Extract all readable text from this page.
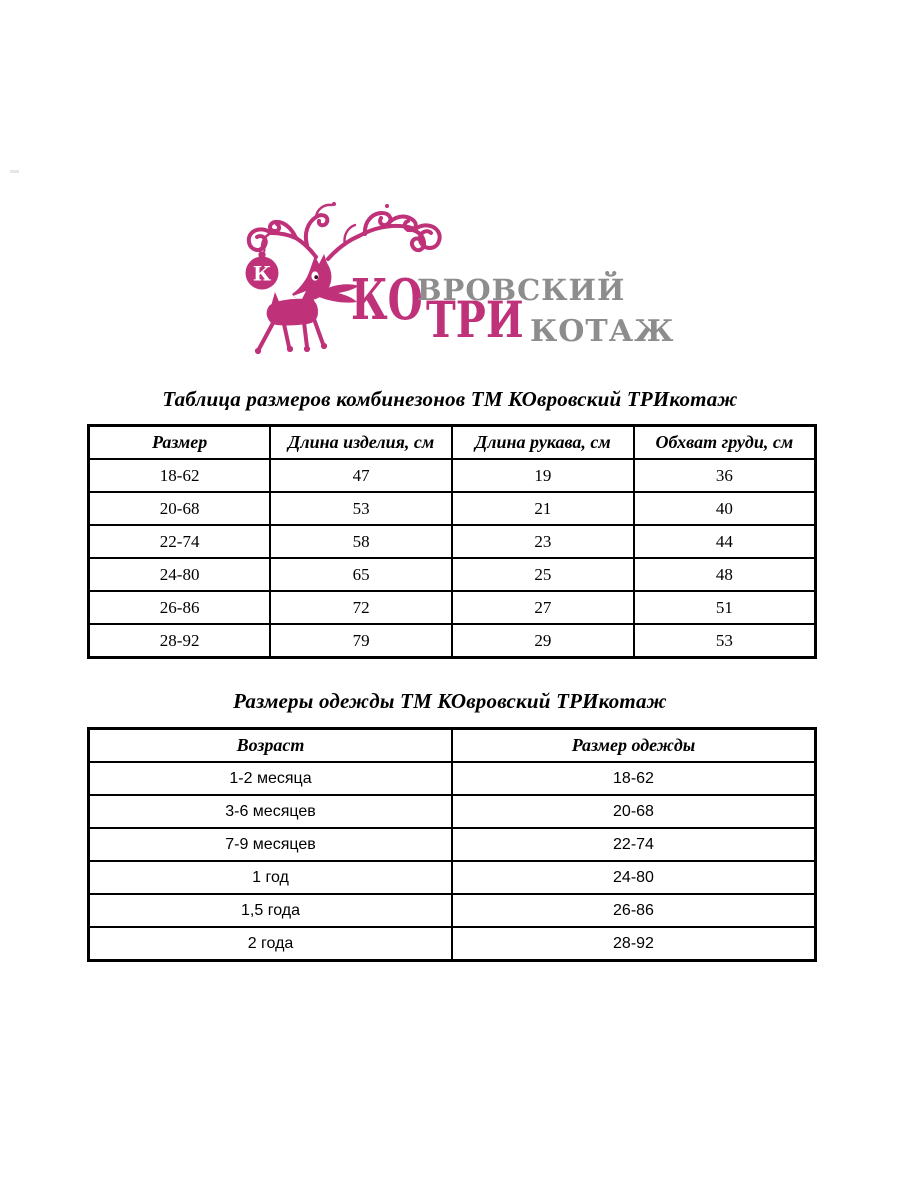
К КО
ВРОВСКИЙ
ТРИ КОТАЖ
Таблица размеров комбинезонов ТМ КОвровский ТРИкотаж
Размер	Длина изделия, см	Длина рукава, см	Обхват груди, см
18-62	47	19	36
20-68	53	21	40
22-74	58	23	44
24-80	65	25	48
26-86	72	27	51
28-92	79	29	53
Размеры одежды ТМ КОвровский ТРИкотаж
Возраст	Размер одежды
1-2 месяца	18-62
3-6 месяцев	20-68
7-9 месяцев	22-74
1 год	24-80
1,5 года	26-86
2 года	28-92
